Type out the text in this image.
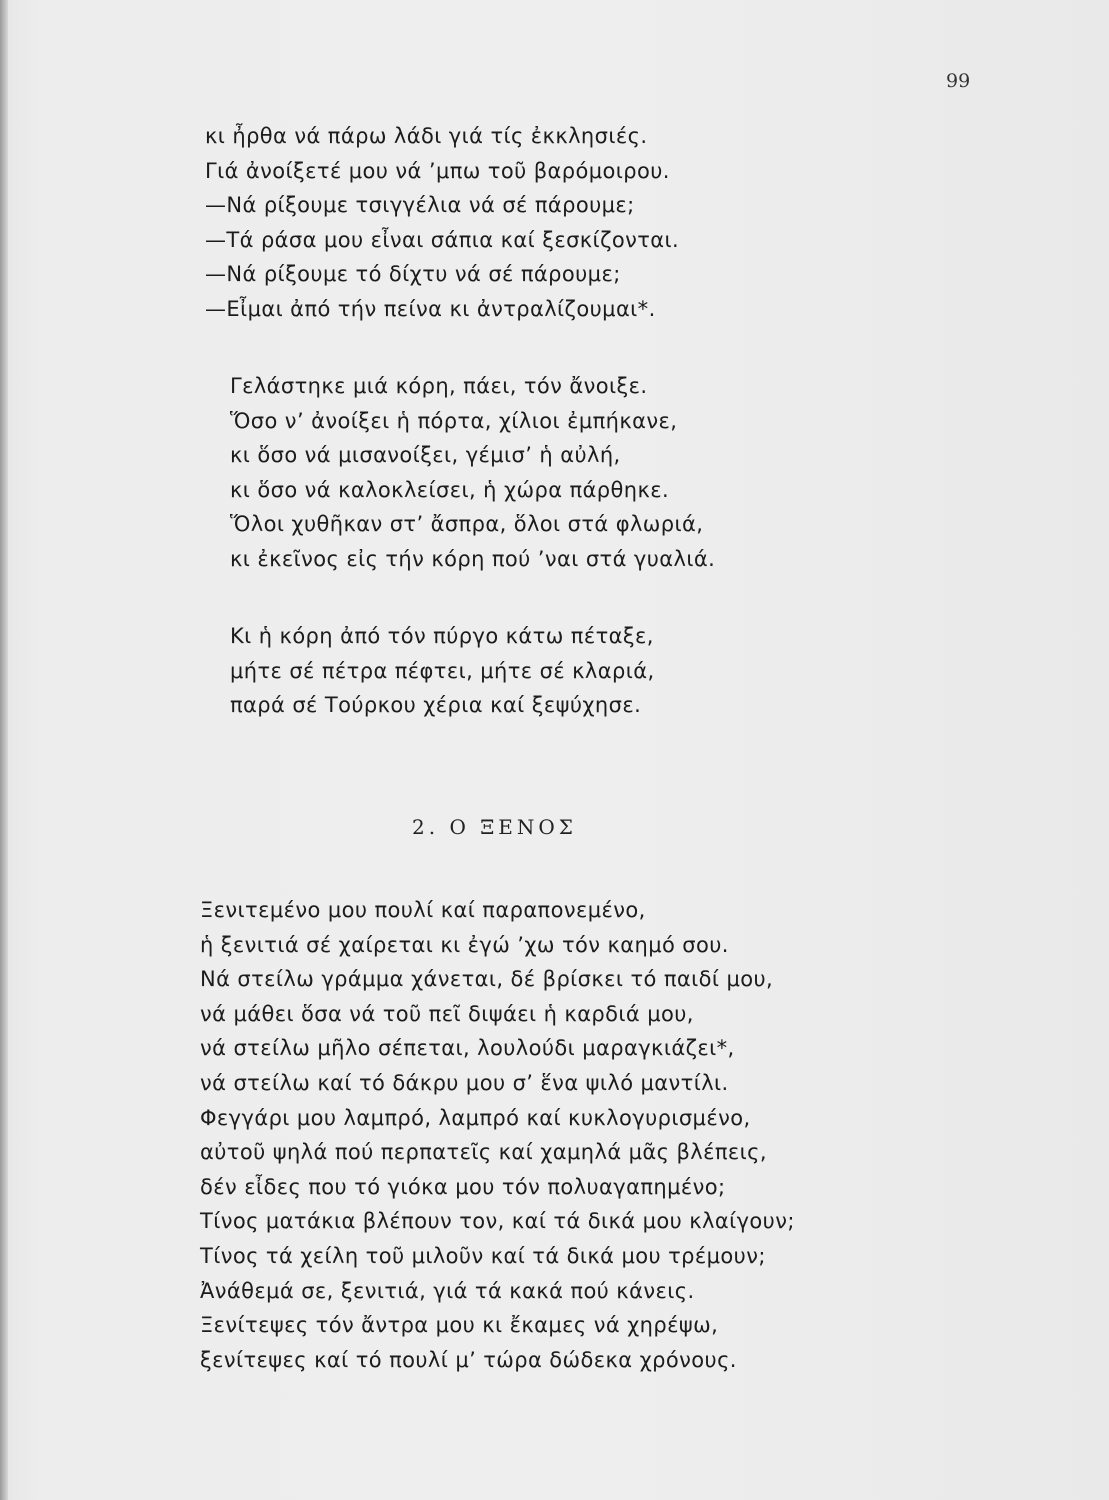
99
κι ἦρθα νά πάρω λάδι γιά τίς ἐκκλησιές.
Γιά ἀνοίξετέ μου νά ’μπω τοῦ βαρόμοιρου.
—Νά ρίξουμε τσιγγέλια νά σέ πάρουμε;
—Τά ράσα μου εἶναι σάπια καί ξεσκίζονται.
—Νά ρίξουμε τό δίχτυ νά σέ πάρουμε;
—Εἶμαι ἀπό τήν πείνα κι ἀντραλίζουμαι*.
Γελάστηκε μιά κόρη, πάει, τόν ἄνοιξε.
Ὅσο ν’ ἀνοίξει ἡ πόρτα, χίλιοι ἐμπήκανε,
κι ὅσο νά μισανοίξει, γέμισ’ ἡ αὐλή,
κι ὅσο νά καλοκλείσει, ἡ χώρα πάρθηκε.
Ὅλοι χυθῆκαν στ’ ἄσπρα, ὅλοι στά φλωριά,
κι ἐκεῖνος εἰς τήν κόρη πού ’ναι στά γυαλιά.
Κι ἡ κόρη ἀπό τόν πύργο κάτω πέταξε,
μήτε σέ πέτρα πέφτει, μήτε σέ κλαριά,
παρά σέ Τούρκου χέρια καί ξεψύχησε.
2. Ο ΞΕΝΟΣ
Ξενιτεμένο μου πουλί καί παραπονεμένο,
ἡ ξενιτιά σέ χαίρεται κι ἐγώ ’χω τόν καημό σου.
Νά στείλω γράμμα χάνεται, δέ βρίσκει τό παιδί μου,
νά μάθει ὅσα νά τοῦ πεῖ διψάει ἡ καρδιά μου,
νά στείλω μῆλο σέπεται, λουλούδι μαραγκιάζει*,
νά στείλω καί τό δάκρυ μου σ’ ἕνα ψιλό μαντίλι.
Φεγγάρι μου λαμπρό, λαμπρό καί κυκλογυρισμένο,
αὐτοῦ ψηλά πού περπατεῖς καί χαμηλά μᾶς βλέπεις,
δέν εἶδες που τό γιόκα μου τόν πολυαγαπημένο;
Τίνος ματάκια βλέπουν τον, καί τά δικά μου κλαίγουν;
Τίνος τά χείλη τοῦ μιλοῦν καί τά δικά μου τρέμουν;
Ἀνάθεμά σε, ξενιτιά, γιά τά κακά πού κάνεις.
Ξενίτεψες τόν ἄντρα μου κι ἔκαμες νά χηρέψω,
ξενίτεψες καί τό πουλί μ’ τώρα δώδεκα χρόνους.
